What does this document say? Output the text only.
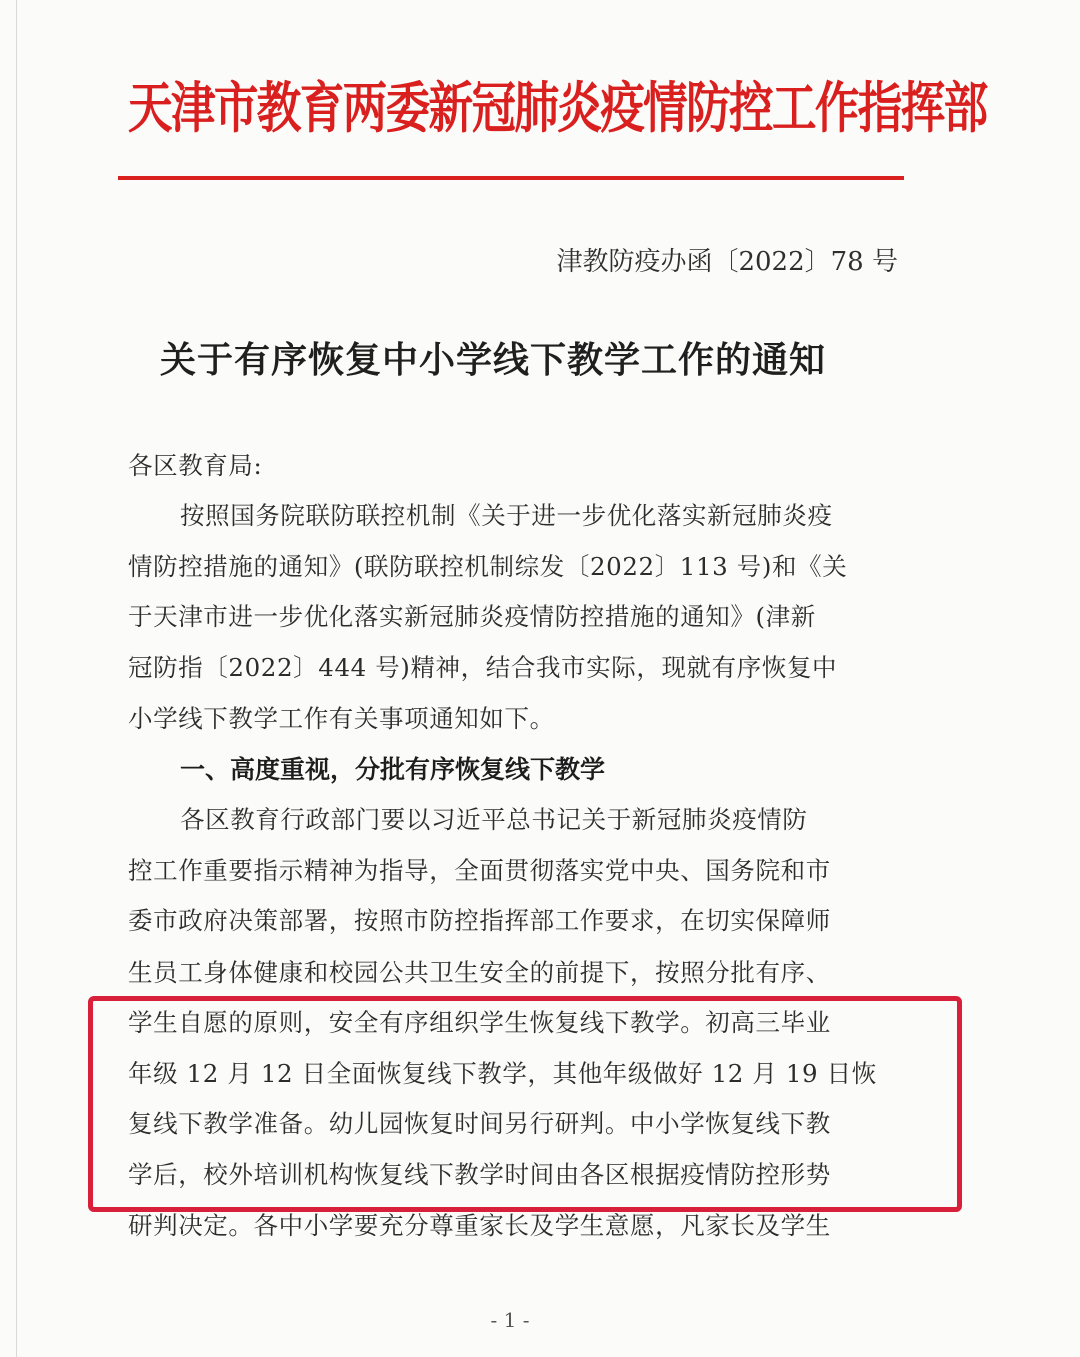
天津市教育两委新冠肺炎疫情防控工作指挥部
津教防疫办函〔2022〕78 号
关于有序恢复中小学线下教学工作的通知
各区教育局:
按照国务院联防联控机制《关于进一步优化落实新冠肺炎疫
情防控措施的通知》(联防联控机制综发〔2022〕113 号)和《关
于天津市进一步优化落实新冠肺炎疫情防控措施的通知》(津新
冠防指〔2022〕444 号)精神，结合我市实际，现就有序恢复中
小学线下教学工作有关事项通知如下。
一、高度重视，分批有序恢复线下教学
各区教育行政部门要以习近平总书记关于新冠肺炎疫情防
控工作重要指示精神为指导，全面贯彻落实党中央、国务院和市
委市政府决策部署，按照市防控指挥部工作要求，在切实保障师
生员工身体健康和校园公共卫生安全的前提下，按照分批有序、
学生自愿的原则，安全有序组织学生恢复线下教学。初高三毕业
年级 12 月 12 日全面恢复线下教学，其他年级做好 12 月 19 日恢
复线下教学准备。幼儿园恢复时间另行研判。中小学恢复线下教
学后，校外培训机构恢复线下教学时间由各区根据疫情防控形势
研判决定。各中小学要充分尊重家长及学生意愿，凡家长及学生
- 1 -
